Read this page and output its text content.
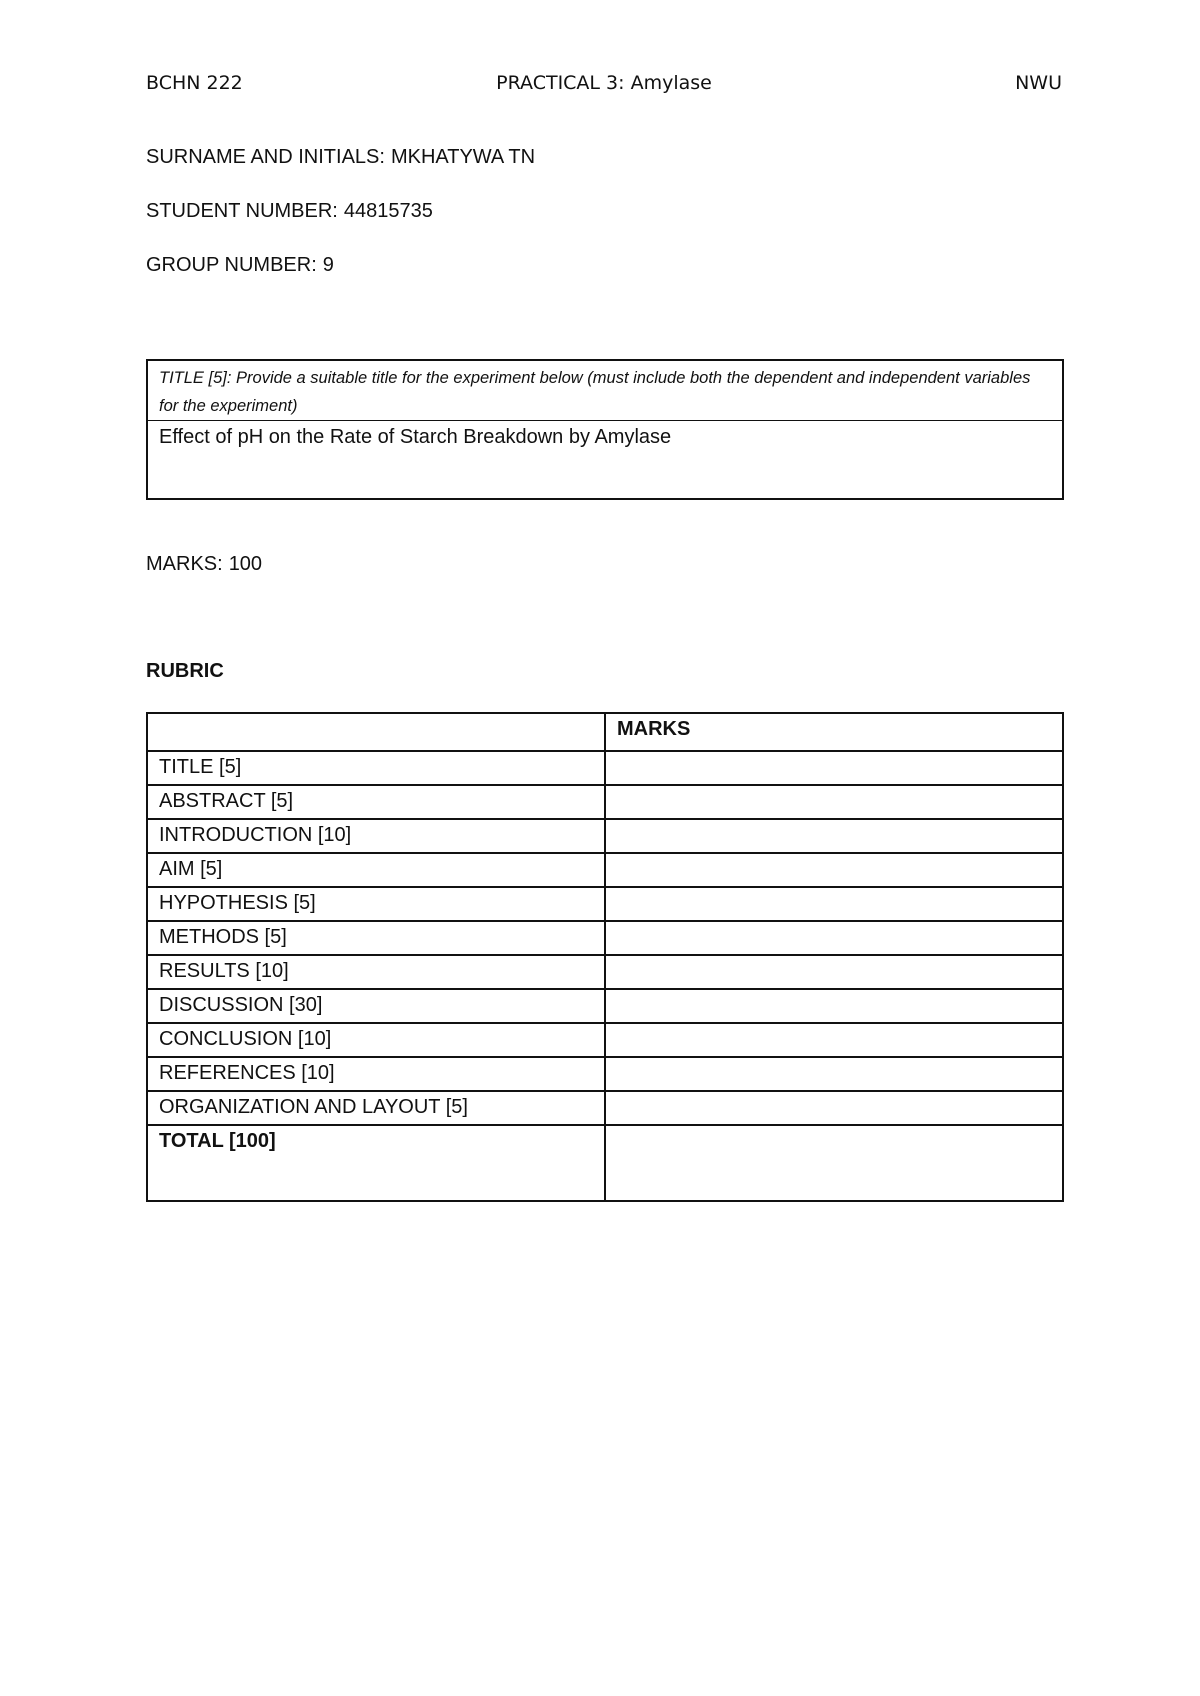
BCHN 222	PRACTICAL 3: Amylase	NWU
SURNAME AND INITIALS: MKHATYWA TN
STUDENT NUMBER: 44815735
GROUP NUMBER: 9
TITLE [5]: Provide a suitable title for the experiment below (must include both the dependent and independent variables for the experiment)
Effect of pH on the Rate of Starch Breakdown by Amylase
MARKS: 100
RUBRIC
	MARKS
TITLE [5]	
ABSTRACT [5]	
INTRODUCTION [10]	
AIM [5]	
HYPOTHESIS [5]	
METHODS [5]	
RESULTS [10]	
DISCUSSION [30]	
CONCLUSION [10]	
REFERENCES [10]	
ORGANIZATION AND LAYOUT [5]	
TOTAL [100]	
